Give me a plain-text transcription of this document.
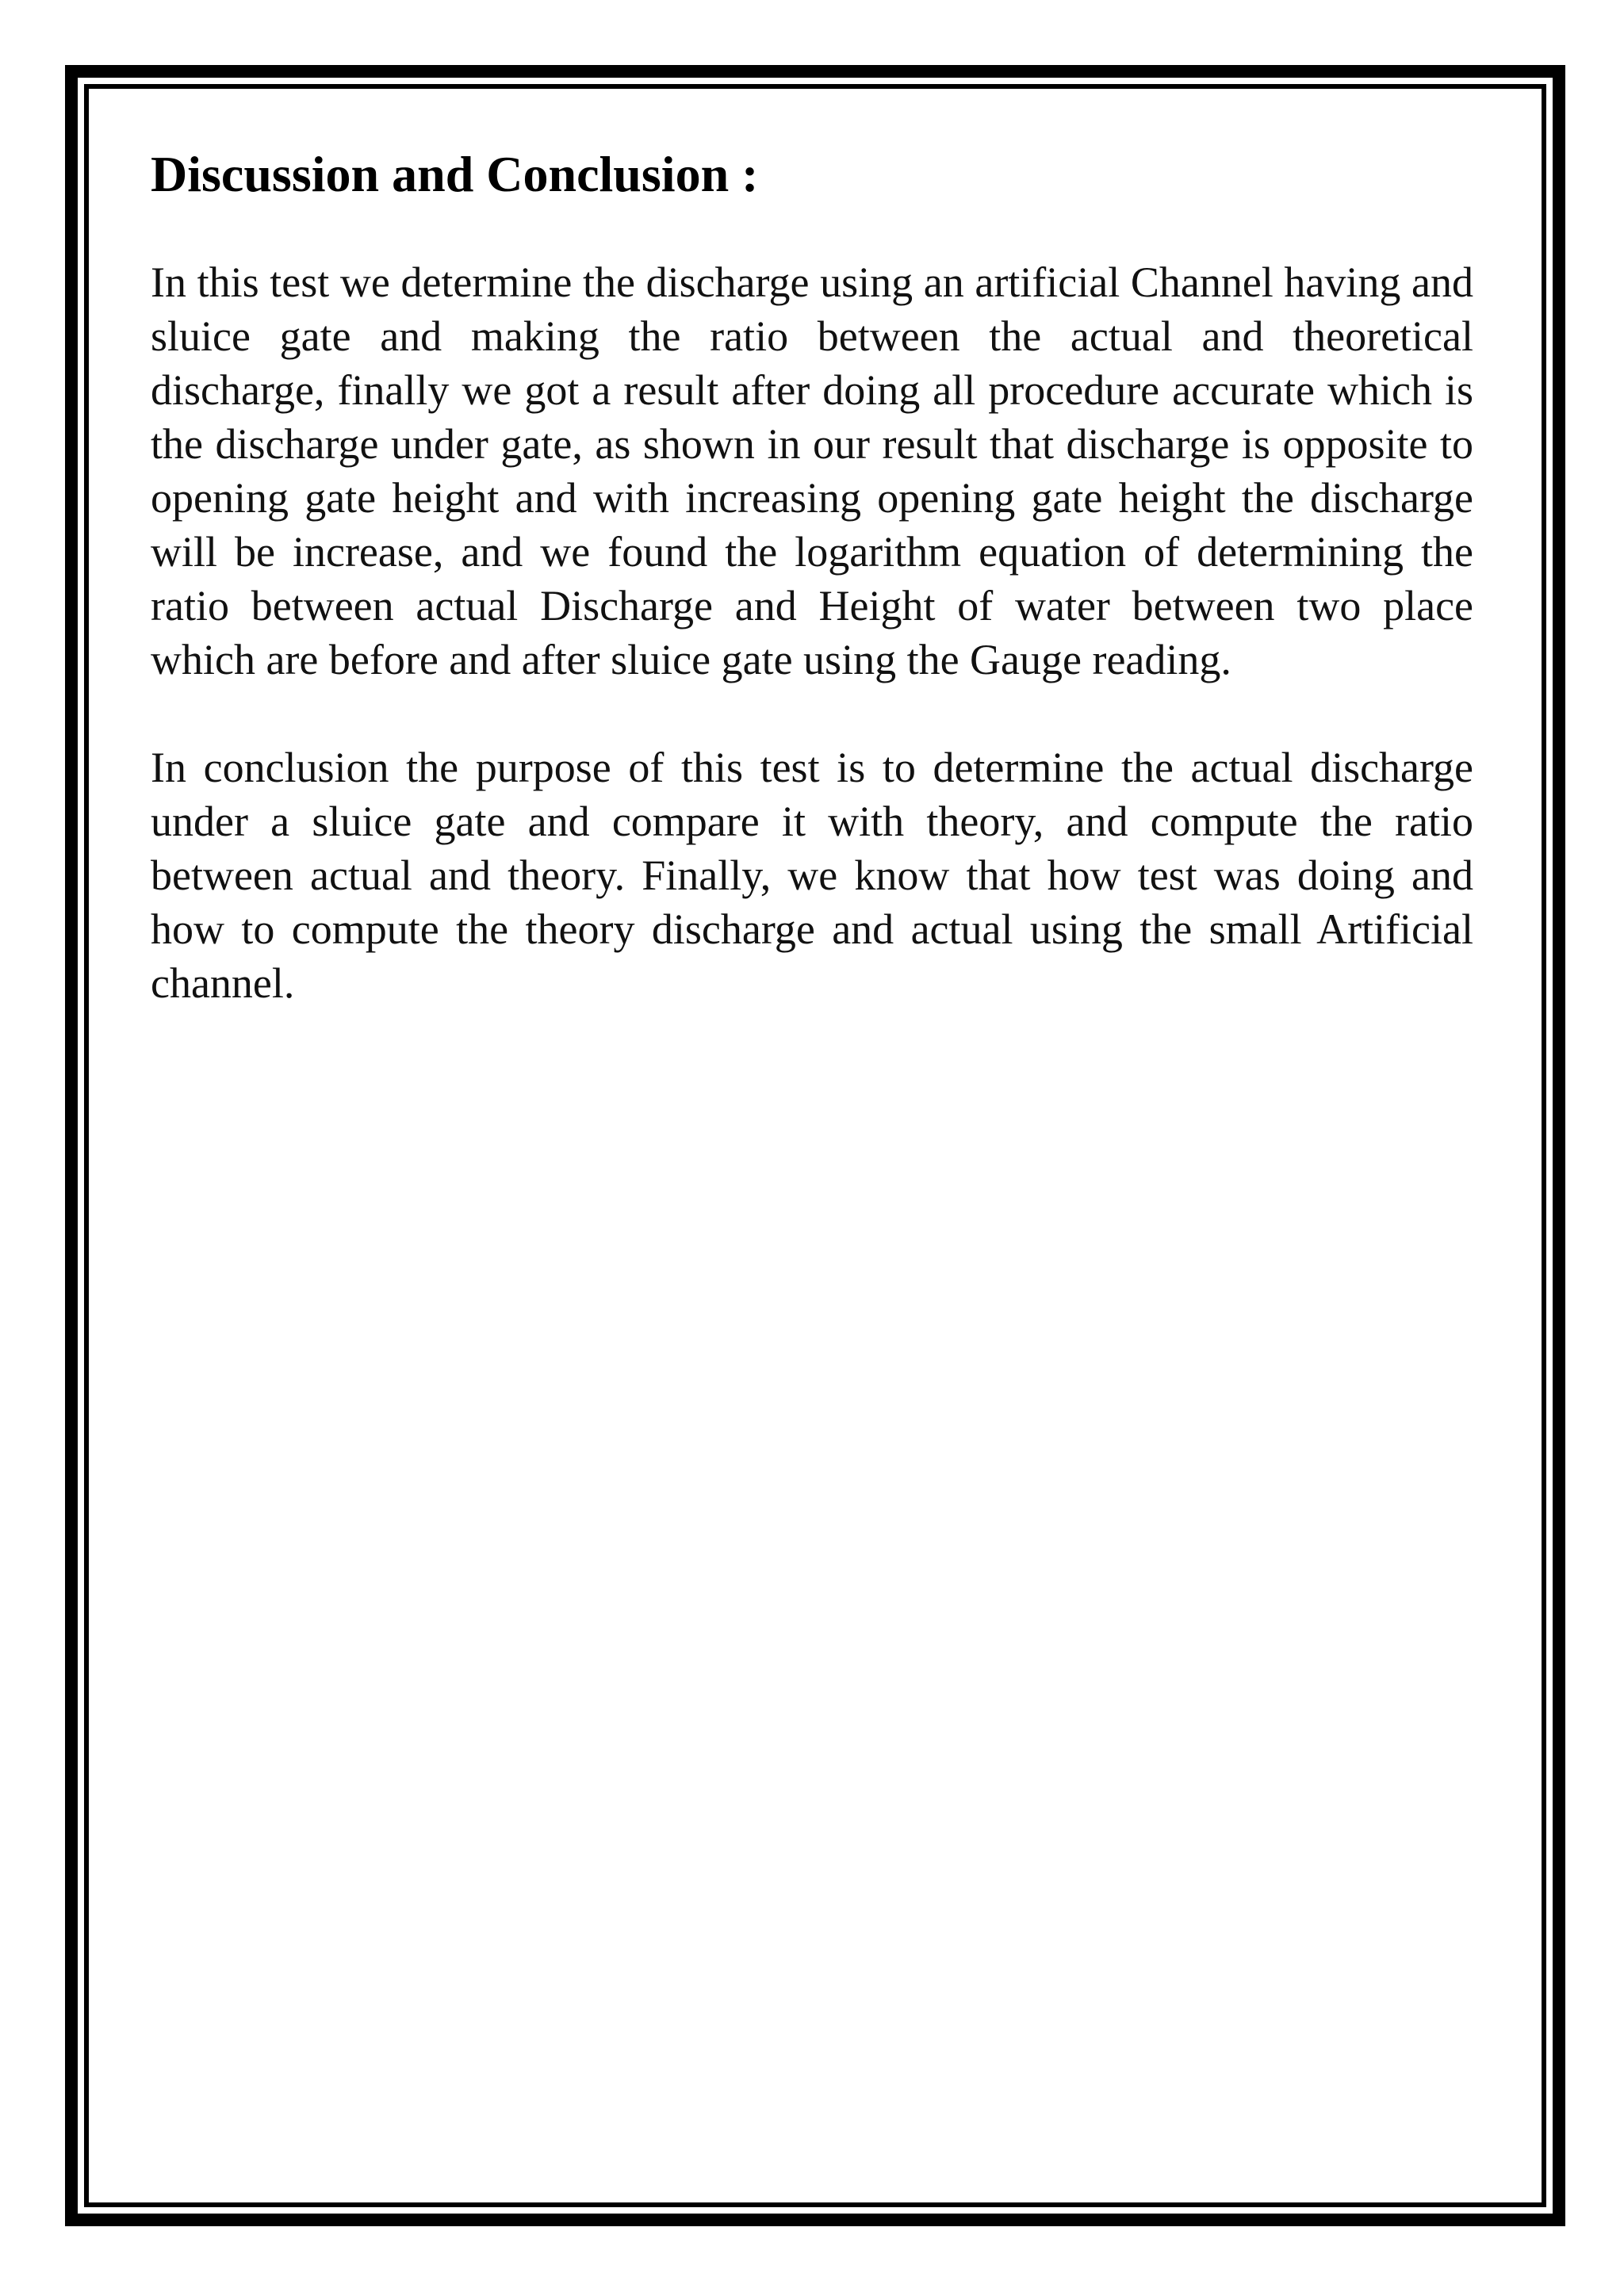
Discussion and Conclusion :

In this test we determine the discharge using an artificial Channel having and sluice gate and making the ratio between the actual and theoretical discharge, finally we got a result after doing all procedure accurate which is the discharge under gate, as shown in our result that discharge is opposite to opening gate height and with increasing opening gate height the discharge will be increase, and we found the logarithm equation of determining the ratio between actual Discharge and Height of water between two place which are before and after sluice gate using the Gauge reading.

In conclusion the purpose of this test is to determine the actual discharge under a sluice gate and compare it with theory, and compute the ratio between actual and theory. Finally, we know that how test was doing and how to compute the theory discharge and actual using the small Artificial channel.
